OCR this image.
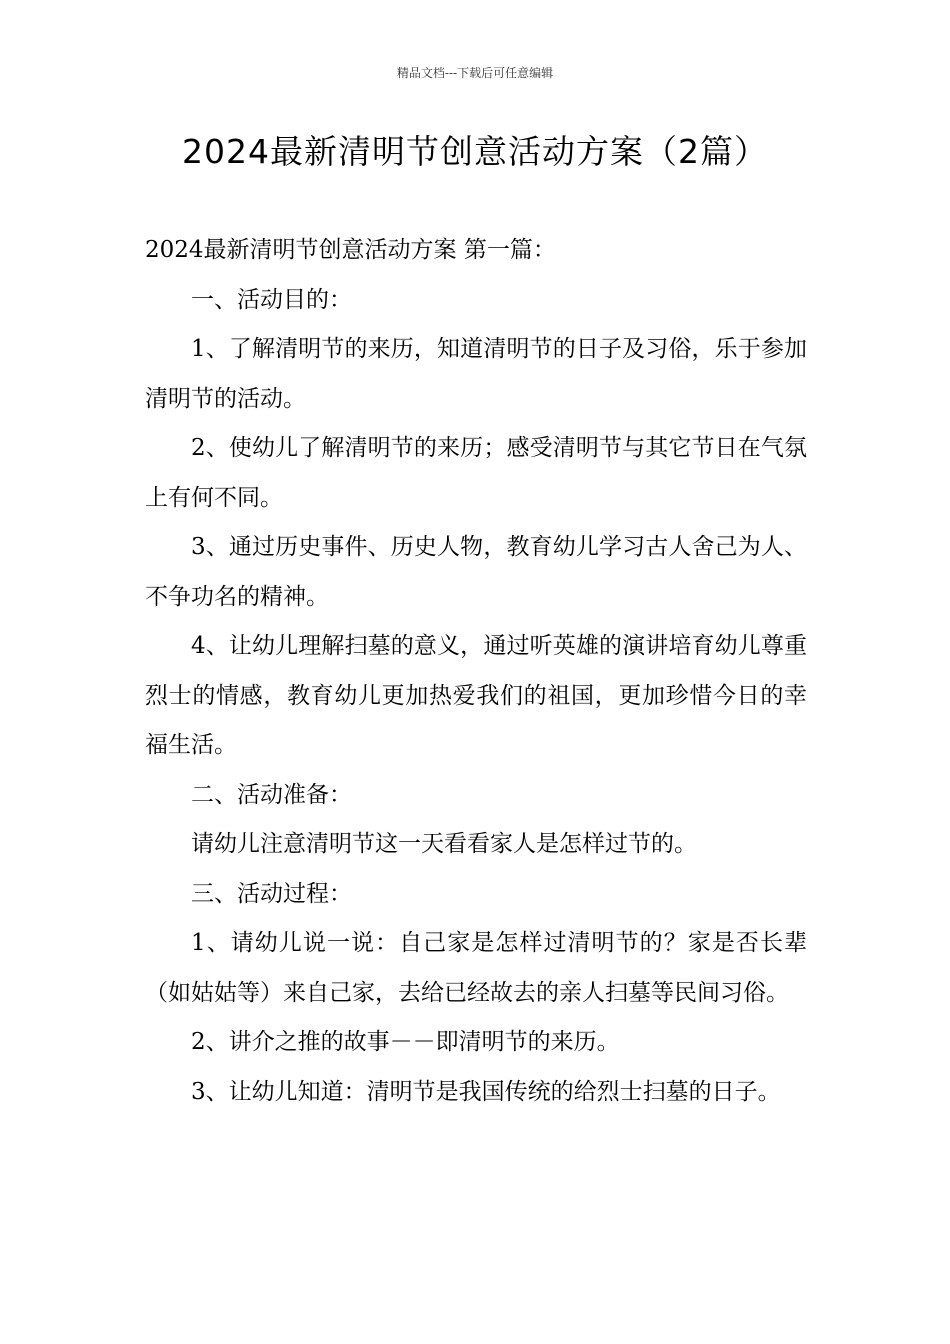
精品文档---下载后可任意编辑
2024最新清明节创意活动方案（2篇）

2024最新清明节创意活动方案 第一篇：

一、活动目的：

1、了解清明节的来历，知道清明节的日子及习俗，乐于参加清明节的活动。

2、使幼儿了解清明节的来历；感受清明节与其它节日在气氛上有何不同。

3、通过历史事件、历史人物，教育幼儿学习古人舍己为人、不争功名的精神。

4、让幼儿理解扫墓的意义，通过听英雄的演讲培育幼儿尊重烈士的情感，教育幼儿更加热爱我们的祖国，更加珍惜今日的幸福生活。

二、活动准备：

请幼儿注意清明节这一天看看家人是怎样过节的。

三、活动过程：

1、请幼儿说一说：自己家是怎样过清明节的？家是否长辈（如姑姑等）来自己家，去给已经故去的亲人扫墓等民间习俗。

2、讲介之推的故事－－即清明节的来历。

3、让幼儿知道：清明节是我国传统的给烈士扫墓的日子。
